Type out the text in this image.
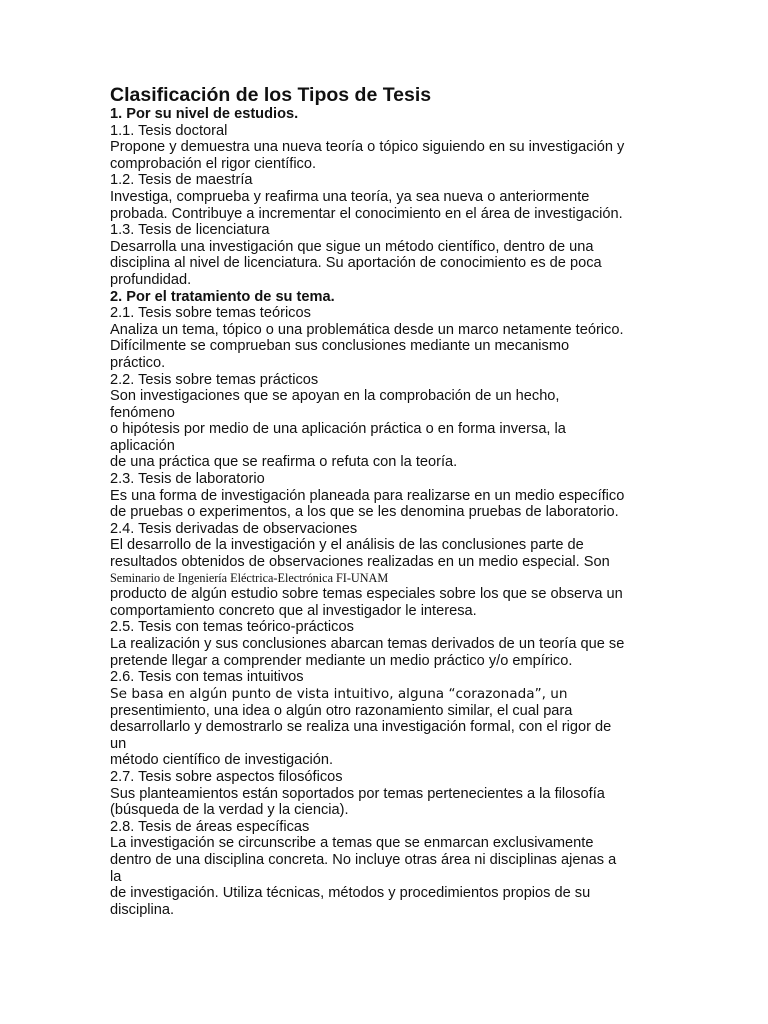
Clasificación de los Tipos de Tesis
1. Por su nivel de estudios.
1.1. Tesis doctoral
Propone y demuestra una nueva teoría o tópico siguiendo en su investigación y
comprobación el rigor científico.
1.2. Tesis de maestría
Investiga, comprueba y reafirma una teoría, ya sea nueva o anteriormente
probada. Contribuye a incrementar el conocimiento en el área de investigación.
1.3. Tesis de licenciatura
Desarrolla una investigación que sigue un método científico, dentro de una
disciplina al nivel de licenciatura. Su aportación de conocimiento es de poca
profundidad.
2. Por el tratamiento de su tema.
2.1. Tesis sobre temas teóricos
Analiza un tema, tópico o una problemática desde un marco netamente teórico.
Difícilmente se comprueban sus conclusiones mediante un mecanismo
práctico.
2.2. Tesis sobre temas prácticos
Son investigaciones que se apoyan en la comprobación de un hecho,
fenómeno
o hipótesis por medio de una aplicación práctica o en forma inversa, la
aplicación
de una práctica que se reafirma o refuta con la teoría.
2.3. Tesis de laboratorio
Es una forma de investigación planeada para realizarse en un medio específico
de pruebas o experimentos, a los que se les denomina pruebas de laboratorio.
2.4. Tesis derivadas de observaciones
El desarrollo de la investigación y el análisis de las conclusiones parte de
resultados obtenidos de observaciones realizadas en un medio especial. Son
Seminario de Ingeniería Eléctrica-Electrónica FI-UNAM
producto de algún estudio sobre temas especiales sobre los que se observa un
comportamiento concreto que al investigador le interesa.
2.5. Tesis con temas teórico-prácticos
La realización y sus conclusiones abarcan temas derivados de un teoría que se
pretende llegar a comprender mediante un medio práctico y/o empírico.
2.6. Tesis con temas intuitivos
Se basa en algún punto de vista intuitivo, alguna “corazonada”, un
presentimiento, una idea o algún otro razonamiento similar, el cual para
desarrollarlo y demostrarlo se realiza una investigación formal, con el rigor de
un
método científico de investigación.
2.7. Tesis sobre aspectos filosóficos
Sus planteamientos están soportados por temas pertenecientes a la filosofía
(búsqueda de la verdad y la ciencia).
2.8. Tesis de áreas específicas
La investigación se circunscribe a temas que se enmarcan exclusivamente
dentro de una disciplina concreta. No incluye otras área ni disciplinas ajenas a
la
de investigación. Utiliza técnicas, métodos y procedimientos propios de su
disciplina.
